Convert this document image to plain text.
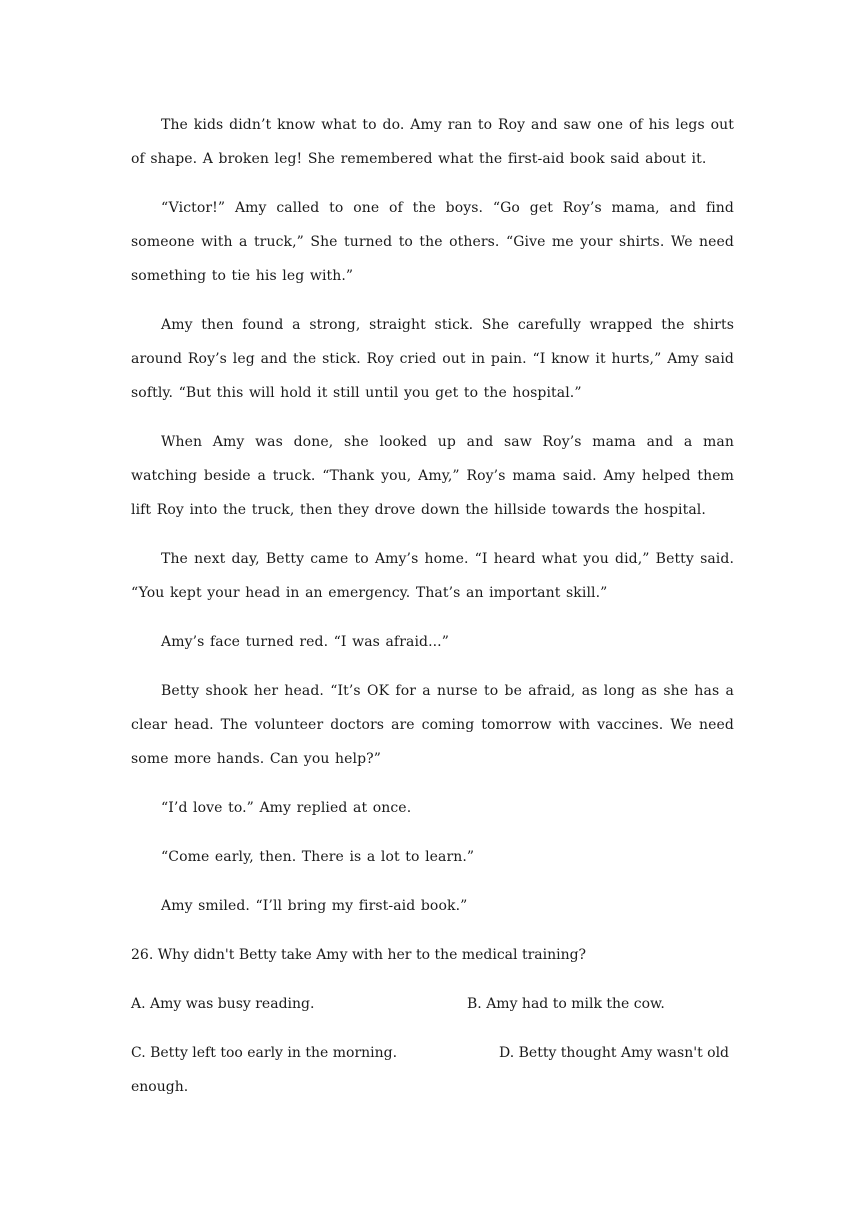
The kids didn’t know what to do. Amy ran to Roy and saw one of his legs out of shape. A broken leg! She remembered what the first-aid book said about it.

“Victor!” Amy called to one of the boys. “Go get Roy’s mama, and find someone with a truck,” She turned to the others. “Give me your shirts. We need something to tie his leg with.”

Amy then found a strong, straight stick. She carefully wrapped the shirts around Roy’s leg and the stick. Roy cried out in pain. “I know it hurts,” Amy said softly. “But this will hold it still until you get to the hospital.”

When Amy was done, she looked up and saw Roy’s mama and a man watching beside a truck. “Thank you, Amy,” Roy’s mama said. Amy helped them lift Roy into the truck, then they drove down the hillside towards the hospital.

The next day, Betty came to Amy’s home. “I heard what you did,” Betty said. “You kept your head in an emergency. That’s an important skill.”

Amy’s face turned red. “I was afraid...”

Betty shook her head. “It’s OK for a nurse to be afraid, as long as she has a clear head. The volunteer doctors are coming tomorrow with vaccines. We need some more hands. Can you help?”

“I’d love to.” Amy replied at once.

“Come early, then. There is a lot to learn.”

Amy smiled. “I’ll bring my first-aid book.”

26. Why didn't Betty take Amy with her to the medical training?
A. Amy was busy reading.	B. Amy had to milk the cow.
C. Betty left too early in the morning.	D. Betty thought Amy wasn't old enough.
